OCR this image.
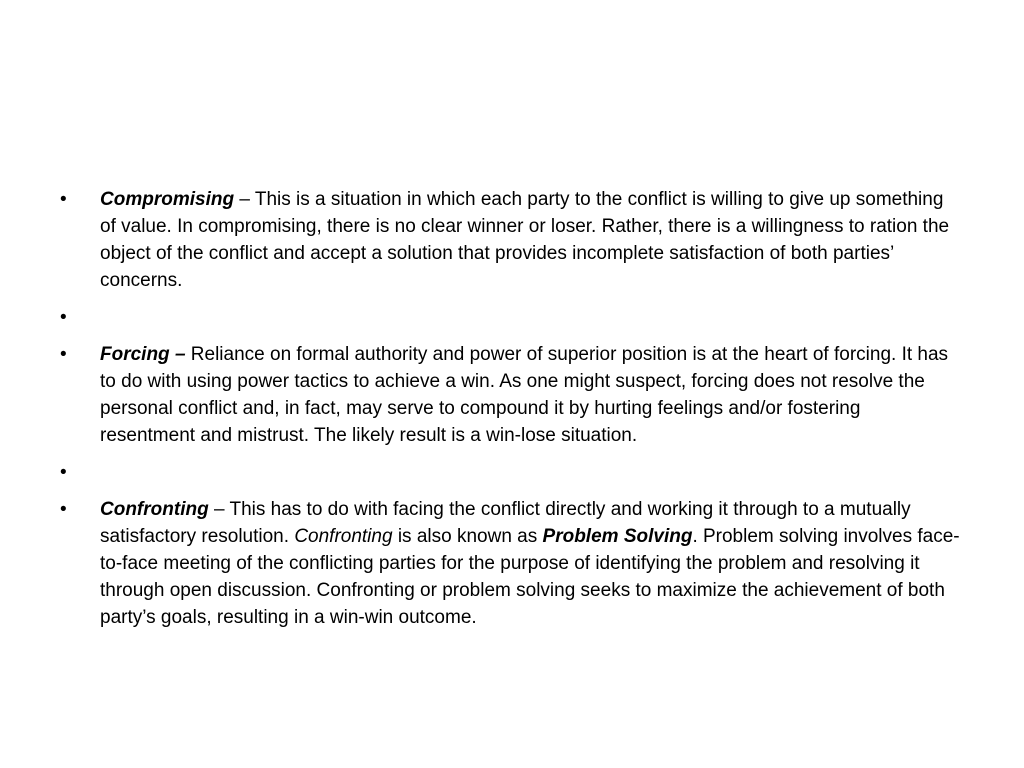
• Compromising – This is a situation in which each party to the conflict is willing to give up something of value. In compromising, there is no clear winner or loser. Rather, there is a willingness to ration the object of the conflict and accept a solution that provides incomplete satisfaction of both parties’ concerns.
•
• Forcing – Reliance on formal authority and power of superior position is at the heart of forcing. It has to do with using power tactics to achieve a win. As one might suspect, forcing does not resolve the personal conflict and, in fact, may serve to compound it by hurting feelings and/or fostering resentment and mistrust. The likely result is a win-lose situation.
•
• Confronting – This has to do with facing the conflict directly and working it through to a mutually satisfactory resolution. Confronting is also known as Problem Solving. Problem solving involves face-to-face meeting of the conflicting parties for the purpose of identifying the problem and resolving it through open discussion. Confronting or problem solving seeks to maximize the achievement of both party’s goals, resulting in a win-win outcome.
